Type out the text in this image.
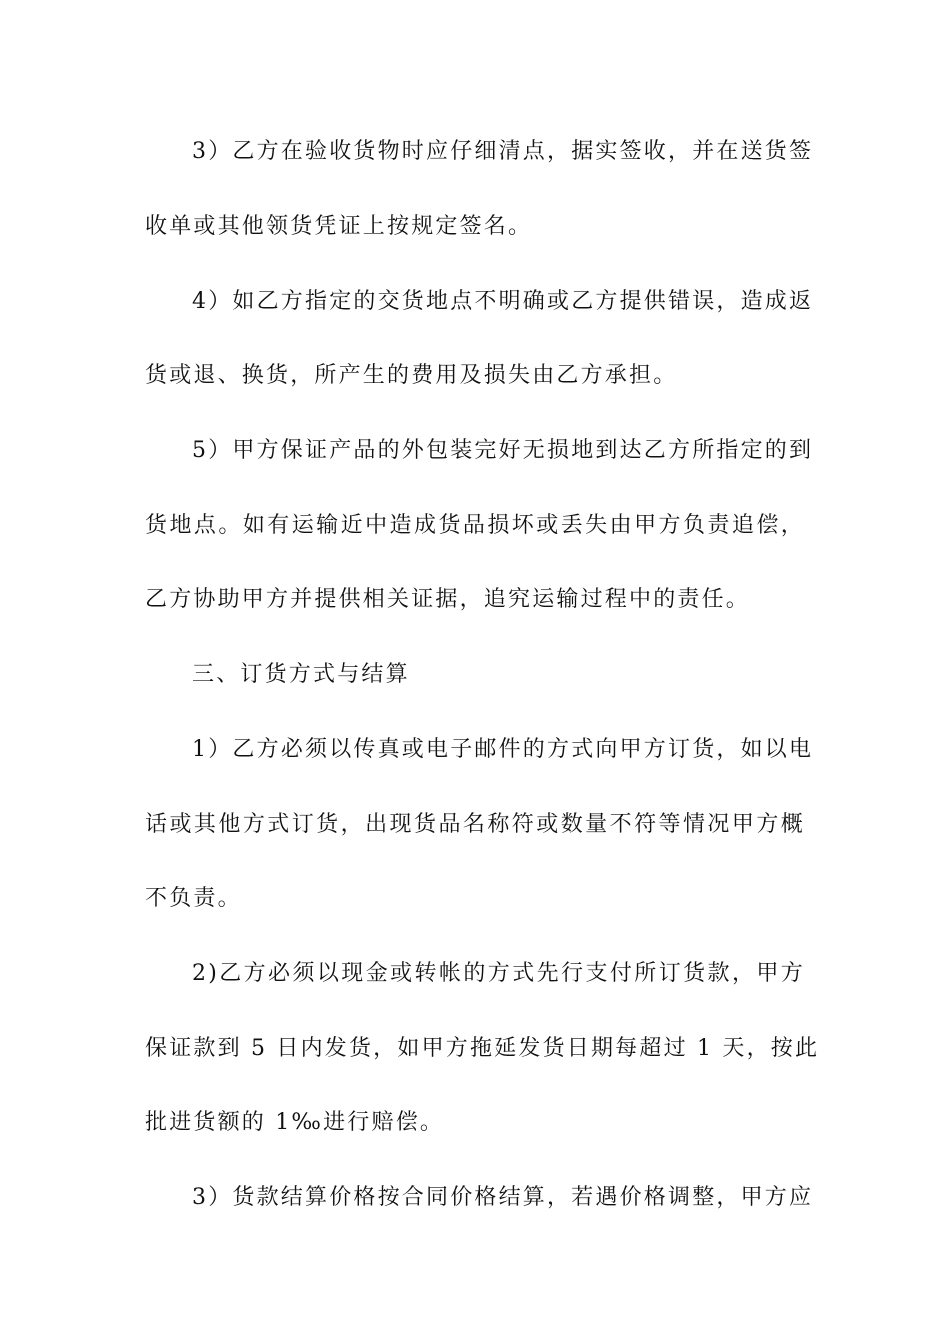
3）乙方在验收货物时应仔细清点，据实签收，并在送货签
收单或其他领货凭证上按规定签名。
4）如乙方指定的交货地点不明确或乙方提供错误，造成返
货或退、换货，所产生的费用及损失由乙方承担。
5）甲方保证产品的外包装完好无损地到达乙方所指定的到
货地点。如有运输近中造成货品损坏或丢失由甲方负责追偿，
乙方协助甲方并提供相关证据，追究运输过程中的责任。
三、订货方式与结算
1）乙方必须以传真或电子邮件的方式向甲方订货，如以电
话或其他方式订货，出现货品名称符或数量不符等情况甲方概
不负责。
2)乙方必须以现金或转帐的方式先行支付所订货款，甲方
保证款到 5 日内发货，如甲方拖延发货日期每超过 1 天，按此
批进货额的 1‰进行赔偿。
3）货款结算价格按合同价格结算，若遇价格调整，甲方应
